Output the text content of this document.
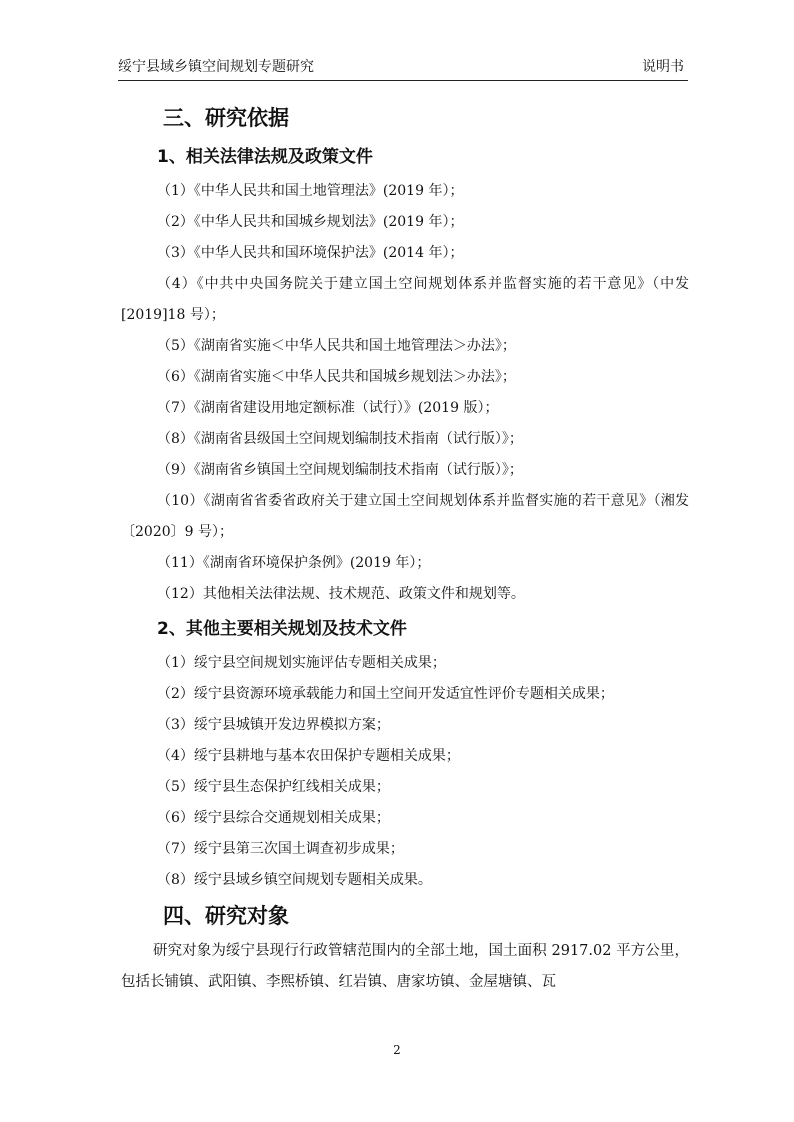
绥宁县域乡镇空间规划专题研究	说明书
三、研究依据
1、相关法律法规及政策文件
（1）《中华人民共和国土地管理法》(2019 年）；
（2）《中华人民共和国城乡规划法》(2019 年）；
（3）《中华人民共和国环境保护法》(2014 年）；
（4）《中共中央国务院关于建立国土空间规划体系并监督实施的若干意见》（中发[2019]18 号）；
（5）《湖南省实施＜中华人民共和国土地管理法＞办法》；
（6）《湖南省实施＜中华人民共和国城乡规划法＞办法》；
（7）《湖南省建设用地定额标准（试行）》(2019 版）；
（8）《湖南省县级国土空间规划编制技术指南（试行版）》；
（9）《湖南省乡镇国土空间规划编制技术指南（试行版）》；
（10）《湖南省省委省政府关于建立国土空间规划体系并监督实施的若干意见》（湘发〔2020〕9 号）；
（11）《湖南省环境保护条例》(2019 年）；
（12）其他相关法律法规、技术规范、政策文件和规划等。
2、其他主要相关规划及技术文件
（1）绥宁县空间规划实施评估专题相关成果；
（2）绥宁县资源环境承载能力和国土空间开发适宜性评价专题相关成果；
（3）绥宁县城镇开发边界模拟方案；
（4）绥宁县耕地与基本农田保护专题相关成果；
（5）绥宁县生态保护红线相关成果；
（6）绥宁县综合交通规划相关成果；
（7）绥宁县第三次国土调查初步成果；
（8）绥宁县域乡镇空间规划专题相关成果。
四、研究对象
研究对象为绥宁县现行行政管辖范围内的全部土地，国土面积 2917.02 平方公里，包括长铺镇、武阳镇、李熙桥镇、红岩镇、唐家坊镇、金屋塘镇、瓦
2
